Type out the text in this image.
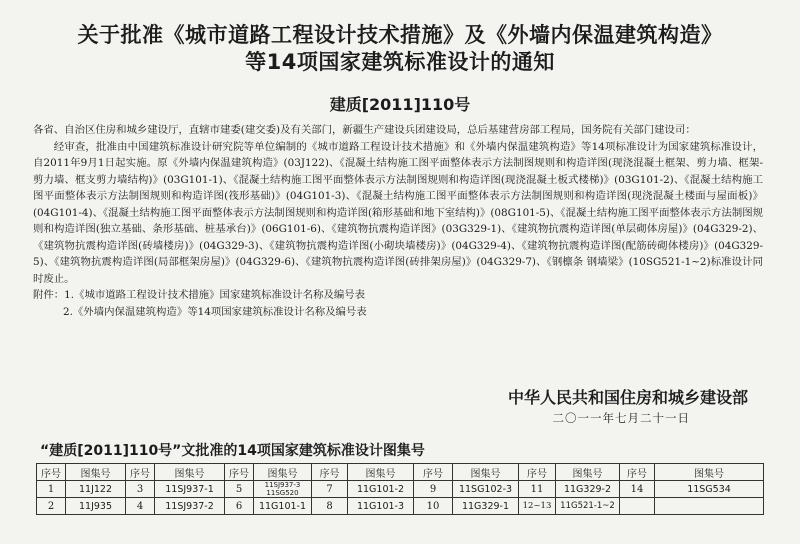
关于批准《城市道路工程设计技术措施》及《外墙内保温建筑构造》
等14项国家建筑标准设计的通知
建质[2011]110号

各省、自治区住房和城乡建设厅，直辖市建委(建交委)及有关部门，新疆生产建设兵团建设局，总后基建营房部工程局，国务院有关部门建设司：

经审查，批准由中国建筑标准设计研究院等单位编制的《城市道路工程设计技术措施》和《外墙内保温建筑构造》等14项标准设计为国家建筑标准设计，自2011年9月1日起实施。原《外墙内保温建筑构造》(03J122)、《混凝土结构施工图平面整体表示方法制图规则和构造详图(现浇混凝土框架、剪力墙、框架-剪力墙、框支剪力墙结构)》(03G101-1)、《混凝土结构施工图平面整体表示方法制图规则和构造详图(现浇混凝土板式楼梯)》(03G101-2)、《混凝土结构施工图平面整体表示方法制图规则和构造详图(筏形基础)》(04G101-3)、《混凝土结构施工图平面整体表示方法制图规则和构造详图(现浇混凝土楼面与屋面板)》(04G101-4)、《混凝土结构施工图平面整体表示方法制图规则和构造详图(箱形基础和地下室结构)》(08G101-5)、《混凝土结构施工图平面整体表示方法制图规则和构造详图(独立基础、条形基础、桩基承台)》(06G101-6)、《建筑物抗震构造详图》(03G329-1)、《建筑物抗震构造详图(单层砌体房屋)》(04G329-2)、《建筑物抗震构造详图(砖墙楼房)》(04G329-3)、《建筑物抗震构造详图(小砌块墙楼房)》(04G329-4)、《建筑物抗震构造详图(配筋砖砌体楼房)》(04G329-5)、《建筑物抗震构造详图(局部框架房屋)》(04G329-6)、《建筑物抗震构造详图(砖排架房屋)》(04G329-7)、《钢檩条 钢墙梁》(10SG521-1~2)标准设计同时废止。

附件：1.《城市道路工程设计技术措施》国家建筑标准设计名称及编号表

2.《外墙内保温建筑构造》等14项国家建筑标准设计名称及编号表

中华人民共和国住房和城乡建设部
二〇一一年七月二十一日
“建质[2011]110号”文批准的14项国家建筑标准设计图集号
序号	图集号	序号	图集号	序号	图集号	序号	图集号	序号	图集号	序号	图集号	序号	图集号
1	11J122	3	11SJ937-1	5	11SJ937-3 11SG520	7	11G101-2	9	11SG102-3	11	11G329-2	14	11SG534
2	11J935	4	11SJ937-2	6	11G101-1	8	11G101-3	10	11G329-1	12~13	11G521-1~2		
